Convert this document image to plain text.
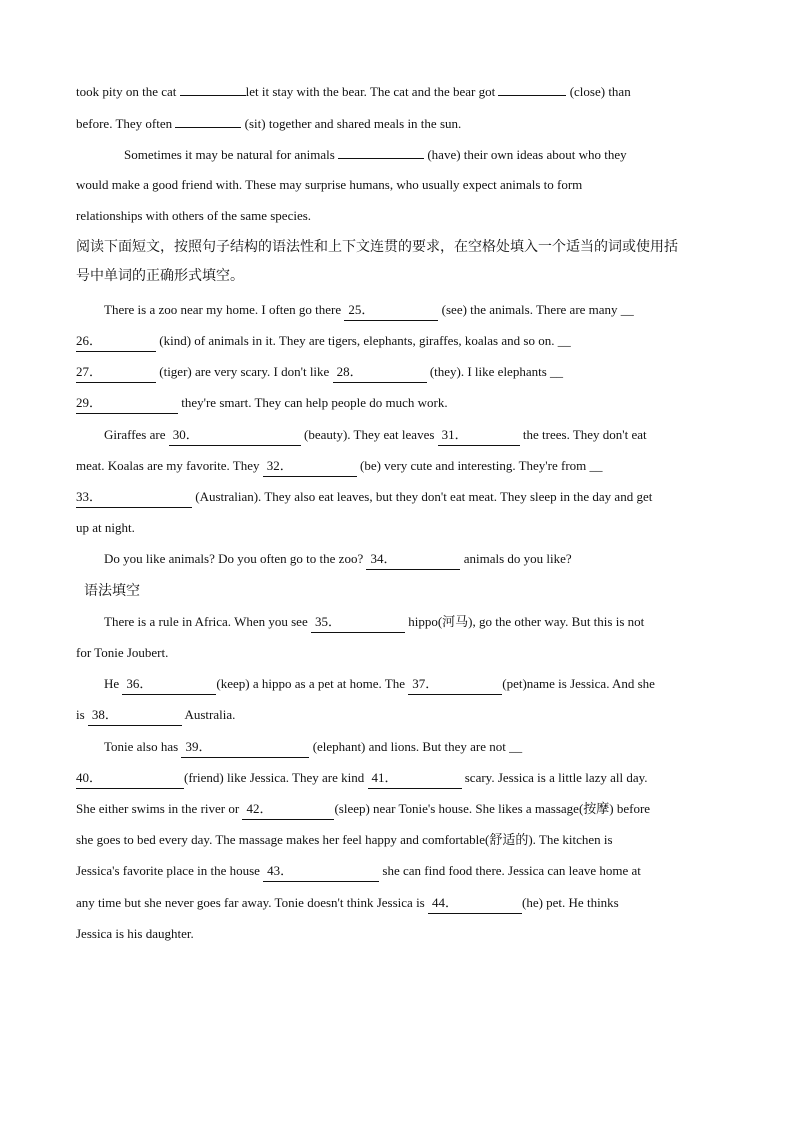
took pity on the cat	let it stay with the bear. The cat and the bear got	(close) than
before. They often	(sit) together and shared meals in the sun.
Sometimes it may be natural for animals	(have) their own ideas about who they
would make a good friend with. These may surprise humans, who usually expect animals to form
relationships with others of the same species.
阅读下面短文，按照句子结构的语法性和上下文连贯的要求，在空格处填入一个适当的词或使用括
号中单词的正确形式填空。
There is a zoo near my home. I often go there 25．	(see) the animals. There are many __
26．	(kind) of animals in it. They are tigers, elephants, giraffes, koalas and so on. __
27．	(tiger) are very scary. I don't like 28．	(they). I like elephants __
29．	they're smart. They can help people do much work.
Giraffes are 30．	(beauty). They eat leaves 31．	the trees. They don't eat
meat. Koalas are my favorite. They 32．	(be) very cute and interesting. They're from __
33．	(Australian). They also eat leaves, but they don't eat meat. They sleep in the day and get
up at night.
Do you like animals? Do you often go to the zoo? 34．	animals do you like?
语法填空
There is a rule in Africa. When you see 35．	hippo(河马), go the other way. But this is not
for Tonie Joubert.
He 36．	(keep) a hippo as a pet at home. The 37．	(pet)name is Jessica. And she
is 38．	Australia.
Tonie also has 39．	(elephant) and lions. But they are not __
40．	(friend) like Jessica. They are kind 41．	scary. Jessica is a little lazy all day.
She either swims in the river or 42．	(sleep) near Tonie's house. She likes a massage(按摩) before
she goes to bed every day. The massage makes her feel happy and comfortable(舒适的). The kitchen is
Jessica's favorite place in the house 43．	she can find food there. Jessica can leave home at
any time but she never goes far away. Tonie doesn't think Jessica is 44．	(he) pet. He thinks
Jessica is his daughter.
